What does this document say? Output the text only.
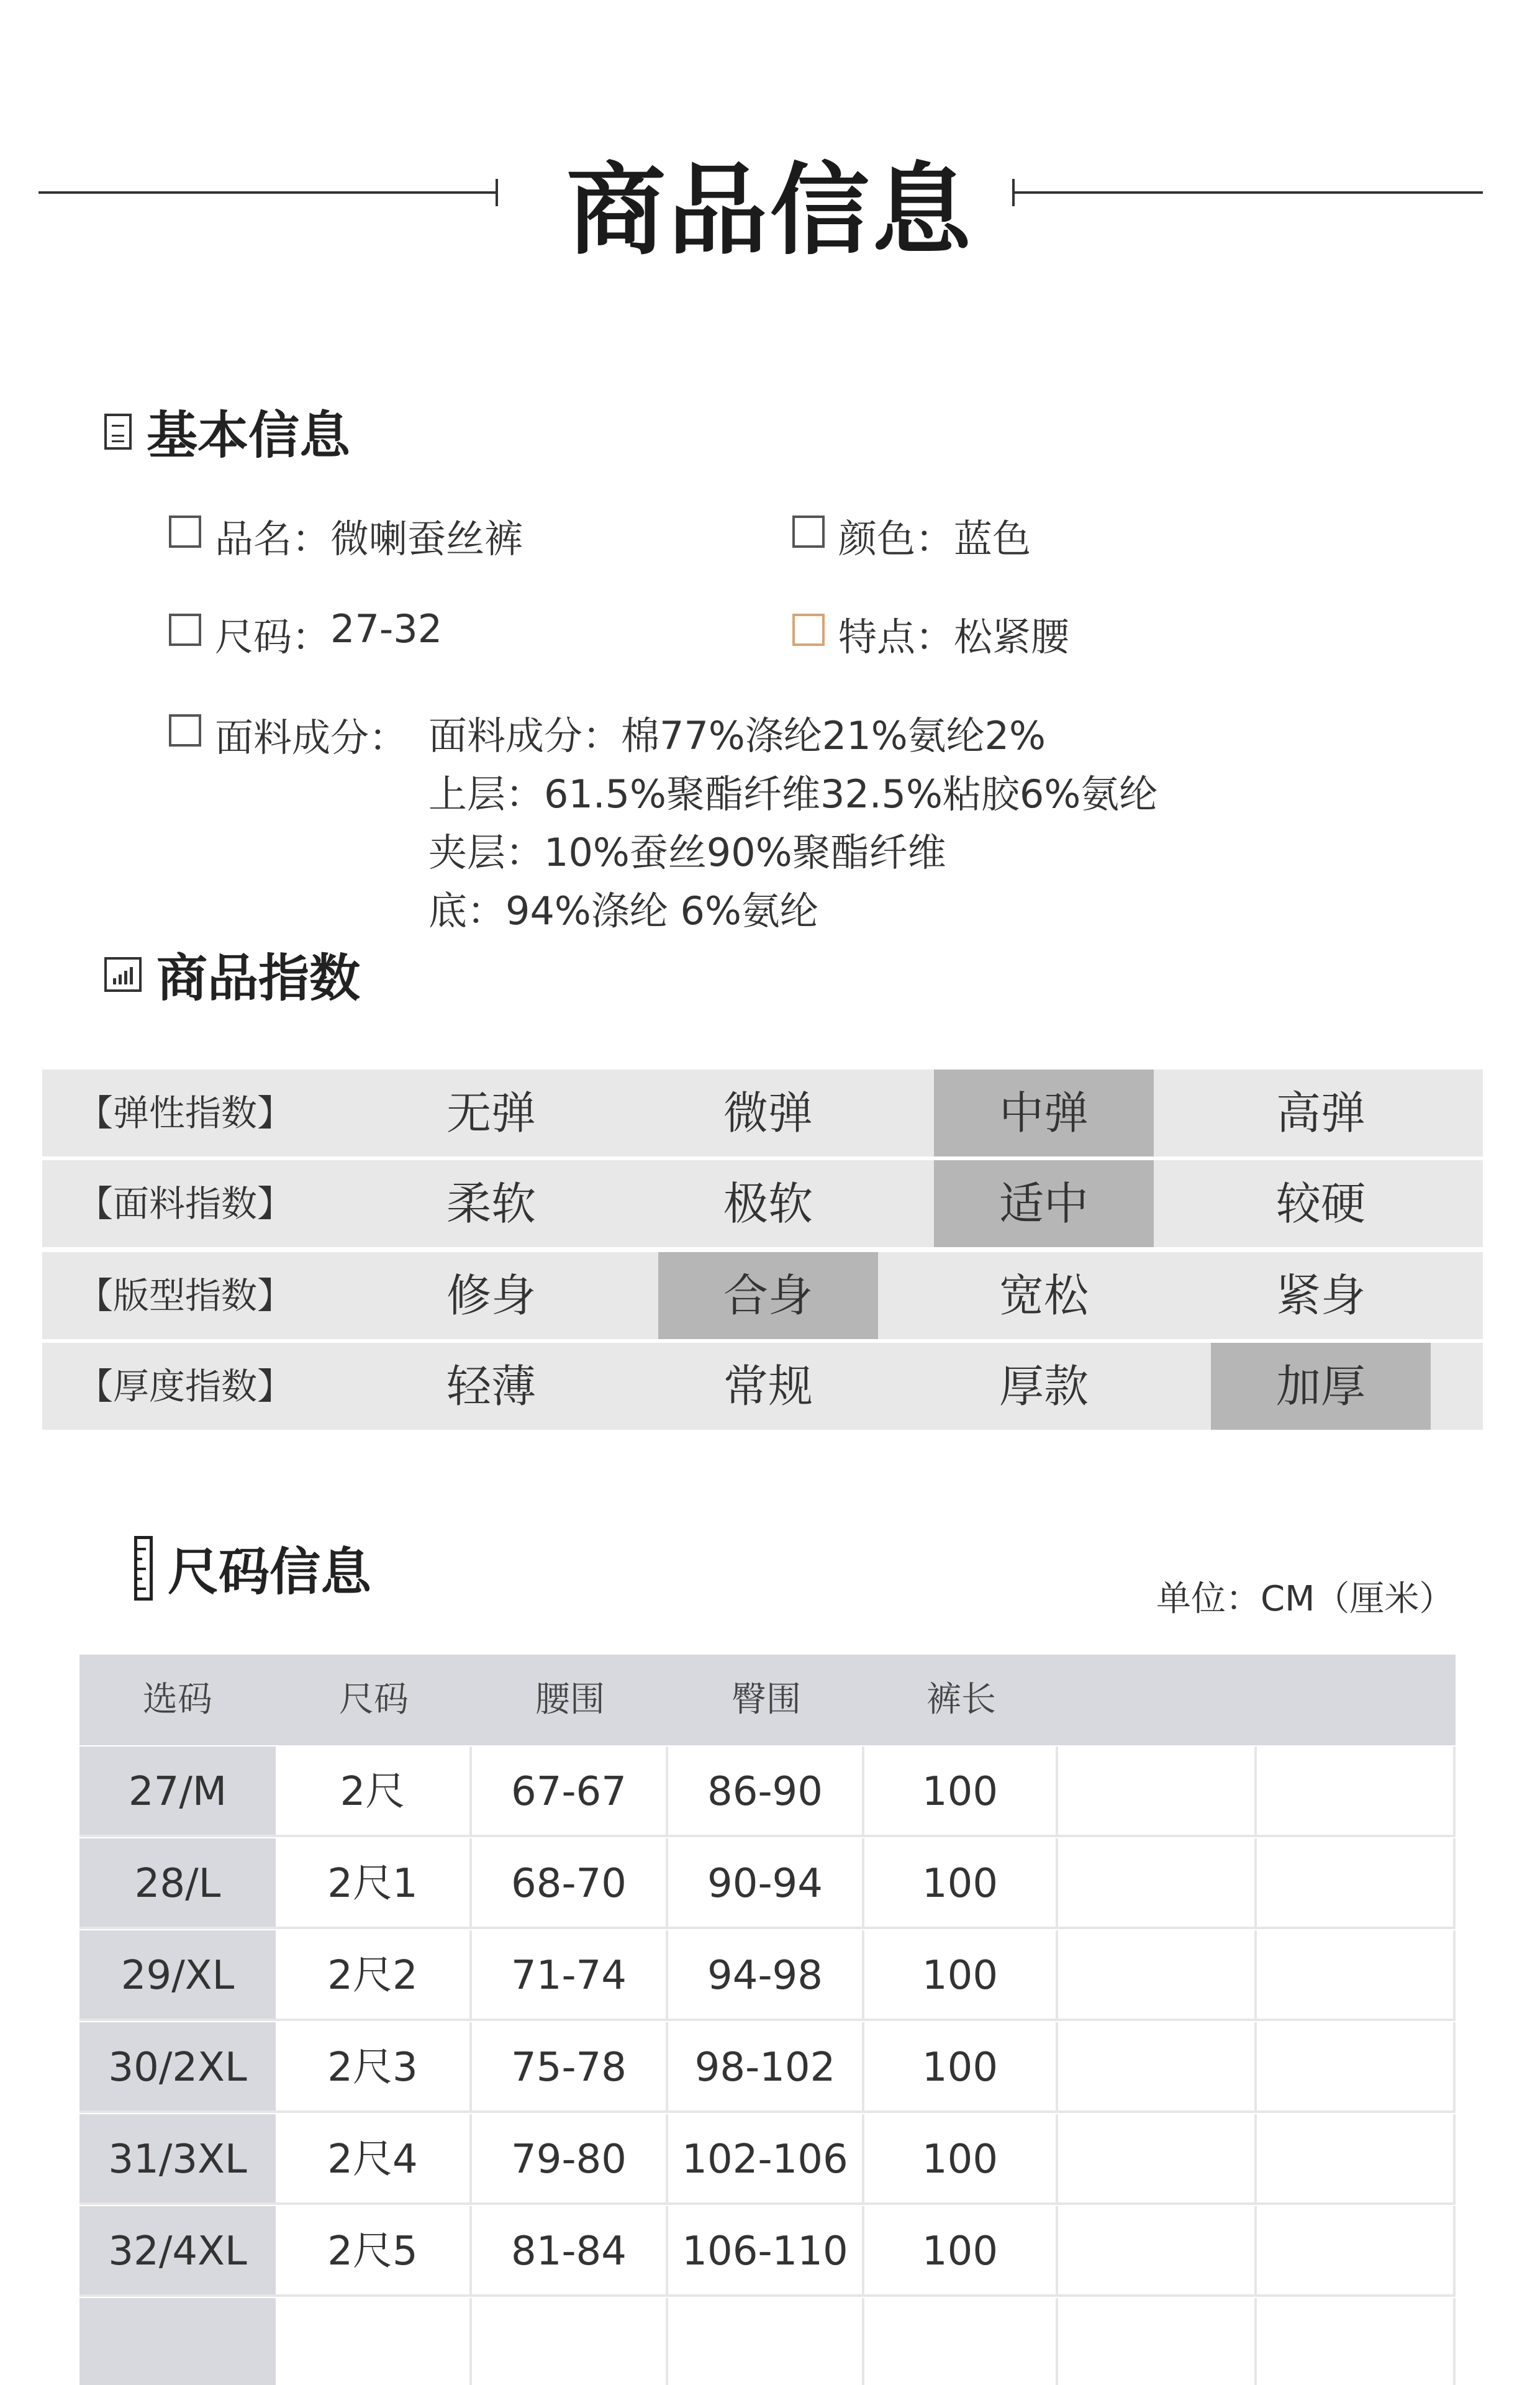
商品信息
基本信息
品名： 微喇蚕丝裤	颜色： 蓝色
尺码： 27-32	特点： 松紧腰
面料成分： 面料成分：棉77%涤纶21%氨纶2%
上层：61.5%聚酯纤维32.5%粘胶6%氨纶
夹层：10%蚕丝90%聚酯纤维
底：94%涤纶 6%氨纶
商品指数
【弹性指数】	无弹	微弹	中弹	高弹
【面料指数】	柔软	极软	适中	较硬
【版型指数】	修身	合身	宽松	紧身
【厚度指数】	轻薄	常规	厚款	加厚
尺码信息	单位：CM（厘米）
选码	尺码	腰围	臀围	裤长
27/M	2尺	67-67	86-90	100
28/L	2尺1	68-70	90-94	100
29/XL	2尺2	71-74	94-98	100
30/2XL	2尺3	75-78	98-102	100
31/3XL	2尺4	79-80	102-106	100
32/4XL	2尺5	81-84	106-110	100
